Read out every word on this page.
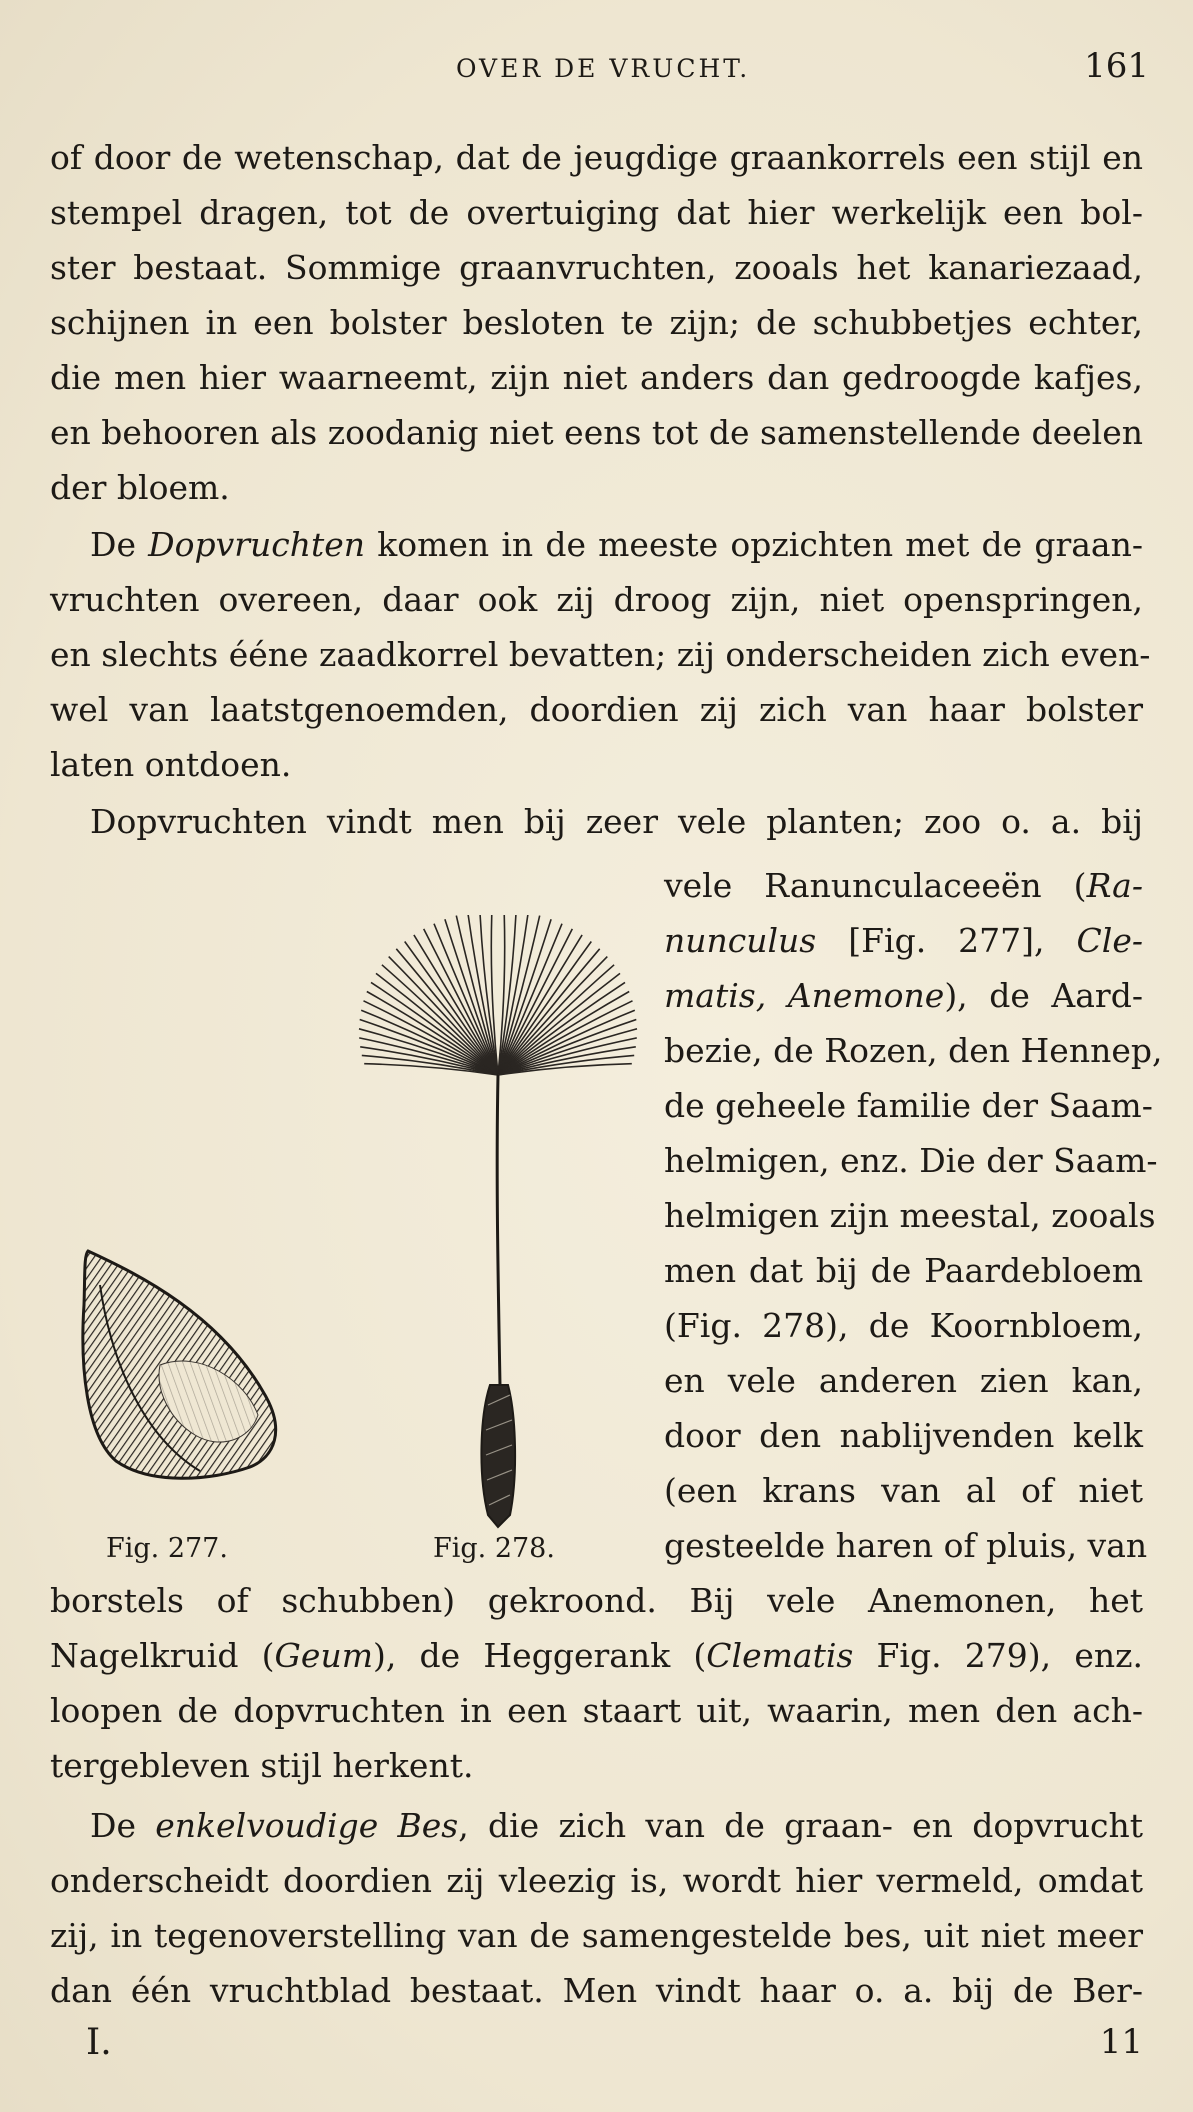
OVER DE VRUCHT.	161
of door de wetenschap, dat de jeugdige graankorrels een stijl en
stempel dragen, tot de overtuiging dat hier werkelijk een bol-
ster bestaat. Sommige graanvruchten, zooals het kanariezaad,
schijnen in een bolster besloten te zijn; de schubbetjes echter,
die men hier waarneemt, zijn niet anders dan gedroogde kafjes,
en behooren als zoodanig niet eens tot de samenstellende deelen
der bloem.
De Dopvruchten komen in de meeste opzichten met de graan-
vruchten overeen, daar ook zij droog zijn, niet openspringen,
en slechts ééne zaadkorrel bevatten; zij onderscheiden zich even-
wel van laatstgenoemden, doordien zij zich van haar bolster
laten ontdoen.
Dopvruchten vindt men bij zeer vele planten; zoo o. a. bij
vele Ranunculaceeën (Ra-
nunculus [Fig. 277], Cle-
matis, Anemone), de Aard-
bezie, de Rozen, den Hennep,
de geheele familie der Saam-
helmigen, enz. Die der Saam-
helmigen zijn meestal, zooals
men dat bij de Paardebloem
(Fig. 278), de Koornbloem,
en vele anderen zien kan,
door den nablijvenden kelk
(een krans van al of niet
gesteelde haren of pluis, van
borstels of schubben) gekroond. Bij vele Anemonen, het
Nagelkruid (Geum), de Heggerank (Clematis Fig. 279), enz.
loopen de dopvruchten in een staart uit, waarin, men den ach-
tergebleven stijl herkent.
De enkelvoudige Bes, die zich van de graan- en dopvrucht
onderscheidt doordien zij vleezig is, wordt hier vermeld, omdat
zij, in tegenoverstelling van de samengestelde bes, uit niet meer
dan één vruchtblad bestaat. Men vindt haar o. a. bij de Ber-
Fig. 277.	Fig. 278.
I.	11
